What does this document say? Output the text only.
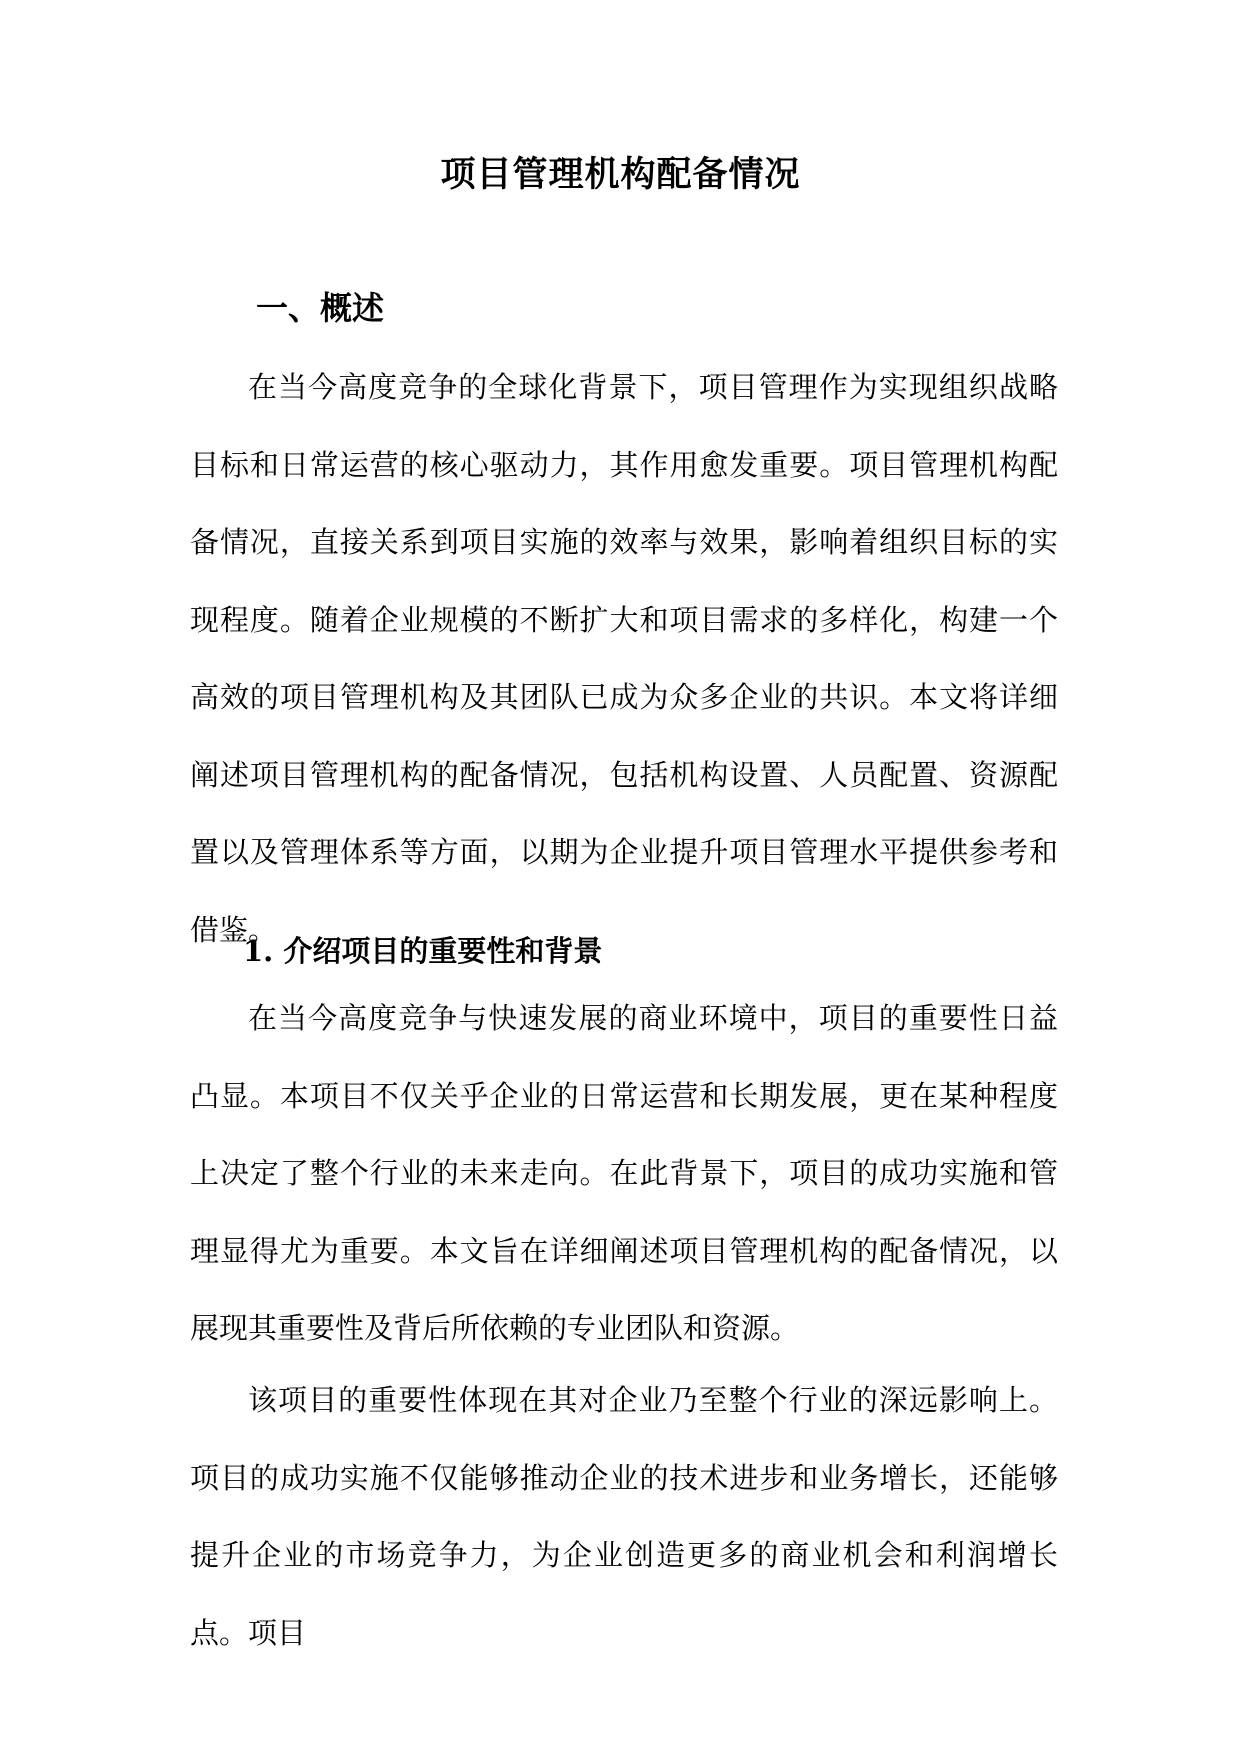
项目管理机构配备情况
一、概述

在当今高度竞争的全球化背景下，项目管理作为实现组织战略目标和日常运营的核心驱动力，其作用愈发重要。项目管理机构配备情况，直接关系到项目实施的效率与效果，影响着组织目标的实现程度。随着企业规模的不断扩大和项目需求的多样化，构建一个高效的项目管理机构及其团队已成为众多企业的共识。本文将详细阐述项目管理机构的配备情况，包括机构设置、人员配置、资源配置以及管理体系等方面，以期为企业提升项目管理水平提供参考和借鉴。

1. 介绍项目的重要性和背景

在当今高度竞争与快速发展的商业环境中，项目的重要性日益凸显。本项目不仅关乎企业的日常运营和长期发展，更在某种程度上决定了整个行业的未来走向。在此背景下，项目的成功实施和管理显得尤为重要。本文旨在详细阐述项目管理机构的配备情况，以展现其重要性及背后所依赖的专业团队和资源。

该项目的重要性体现在其对企业乃至整个行业的深远影响上。项目的成功实施不仅能够推动企业的技术进步和业务增长，还能够提升企业的市场竞争力，为企业创造更多的商业机会和利润增长点。项目
